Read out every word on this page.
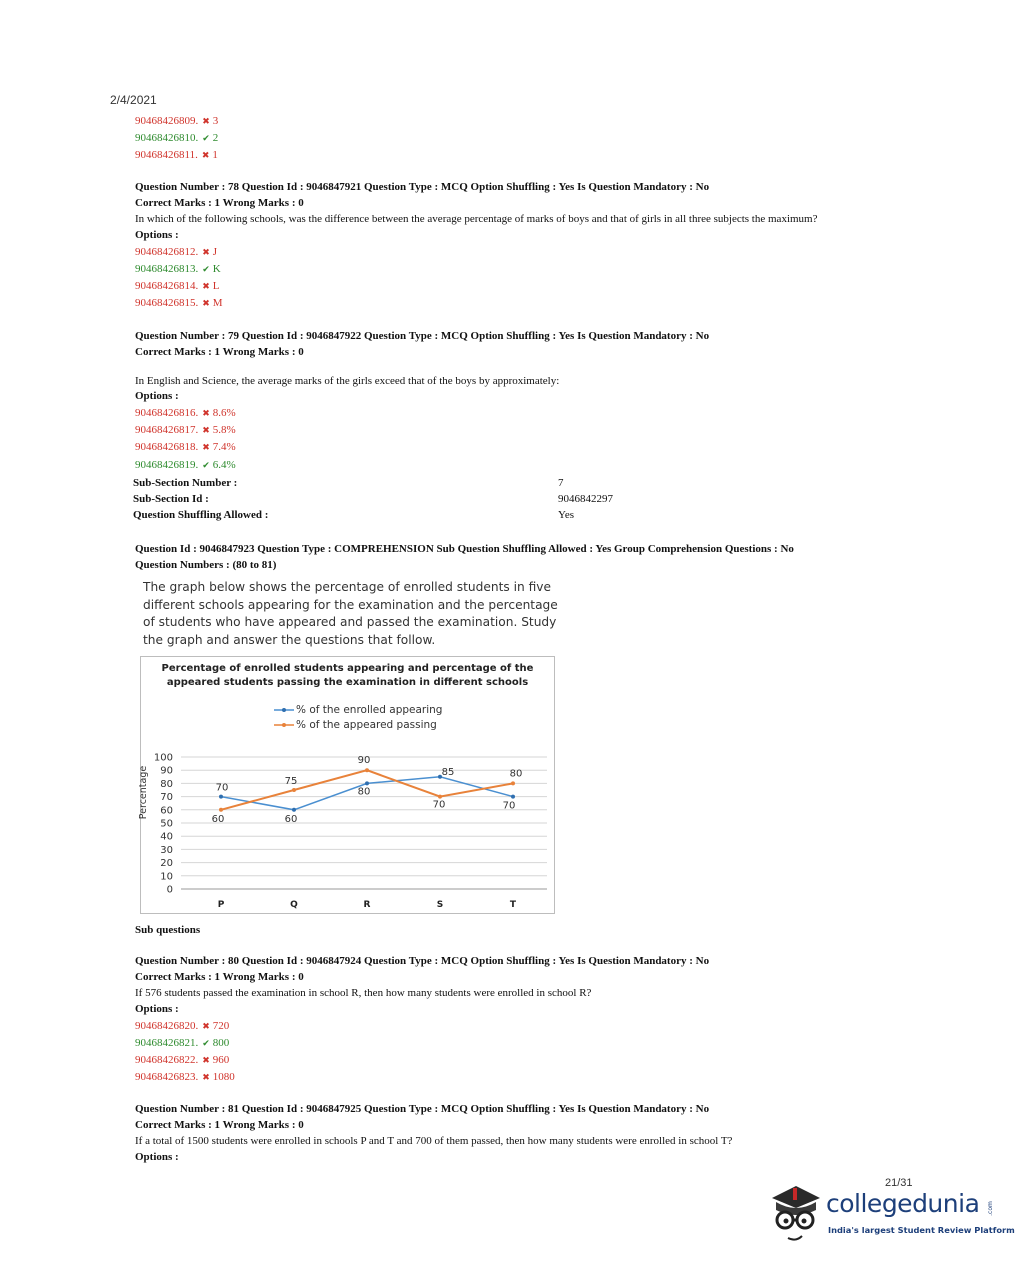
2/4/2021
90468426809. ✖ 3
90468426810. ✔ 2
90468426811. ✖ 1
Question Number : 78 Question Id : 9046847921 Question Type : MCQ Option Shuffling : Yes Is Question Mandatory : No
Correct Marks : 1 Wrong Marks : 0
In which of the following schools, was the difference between the average percentage of marks of boys and that of girls in all three subjects the maximum?
Options :
90468426812. ✖ J
90468426813. ✔ K
90468426814. ✖ L
90468426815. ✖ M
Question Number : 79 Question Id : 9046847922 Question Type : MCQ Option Shuffling : Yes Is Question Mandatory : No
Correct Marks : 1 Wrong Marks : 0
In English and Science, the average marks of the girls exceed that of the boys by approximately:
Options :
90468426816. ✖ 8.6%
90468426817. ✖ 5.8%
90468426818. ✖ 7.4%
90468426819. ✔ 6.4%
Sub-Section Number :	7
Sub-Section Id :	9046842297
Question Shuffling Allowed :	Yes
Question Id : 9046847923 Question Type : COMPREHENSION Sub Question Shuffling Allowed : Yes Group Comprehension Questions : No
Question Numbers : (80 to 81)
The graph below shows the percentage of enrolled students in five
different schools appearing for the examination and the percentage
of students who have appeared and passed the examination. Study
the graph and answer the questions that follow.
Percentage of enrolled students appearing and percentage of the
appeared students passing the examination in different schools
% of the enrolled appearing
% of the appeared passing
Percentage
0
10
20
30
40
50
60
70
80
90
100
P	Q	R	S	T
70
60
80
85
70
60
75
90
70
80
Sub questions
Question Number : 80 Question Id : 9046847924 Question Type : MCQ Option Shuffling : Yes Is Question Mandatory : No
Correct Marks : 1 Wrong Marks : 0
If 576 students passed the examination in school R, then how many students were enrolled in school R?
Options :
90468426820. ✖ 720
90468426821. ✔ 800
90468426822. ✖ 960
90468426823. ✖ 1080
Question Number : 81 Question Id : 9046847925 Question Type : MCQ Option Shuffling : Yes Is Question Mandatory : No
Correct Marks : 1 Wrong Marks : 0
If a total of 1500 students were enrolled in schools P and T and 700 of them passed, then how many students were enrolled in school T?
Options :
21/31
collegedunia .com
India's largest Student Review Platform
